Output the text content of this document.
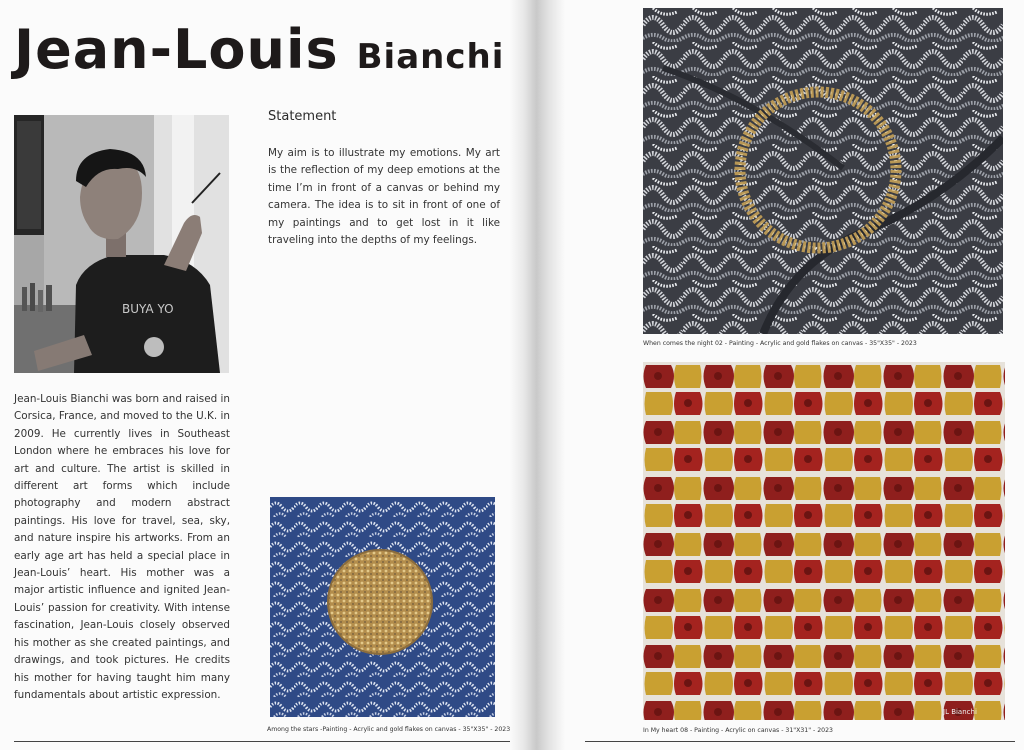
Jean-Louis Bianchi
BUYA YO
Statement
My aim is to illustrate my emotions. My art is the reflection of my deep emotions at the time I’m in front of a canvas or behind my camera. The idea is to sit in front of one of my paintings and to get lost in it like traveling into the depths of my feelings.
Jean-Louis Bianchi was born and raised in Corsica, France, and moved to the U.K. in 2009. He currently lives in Southeast London where he embraces his love for art and culture. The artist is skilled in different art forms which include photography and modern abstract paintings. His love for travel, sea, sky, and nature inspire his artworks. From an early age art has held a special place in Jean-Louis’ heart. His mother was a major artistic influence and ignited Jean-Louis’ passion for creativity. With intense fascination, Jean-Louis closely observed his mother as she created paintings, and drawings, and took pictures. He credits his mother for having taught him many fundamentals about artistic expression.
Among the stars -Painting - Acrylic and gold flakes on canvas - 35"X35" - 2023
When comes the night 02 - Painting - Acrylic and gold flakes on canvas - 35"X35" - 2023
JL Bianchi
In My heart 08 - Painting - Acrylic on canvas - 31"X31" - 2023
